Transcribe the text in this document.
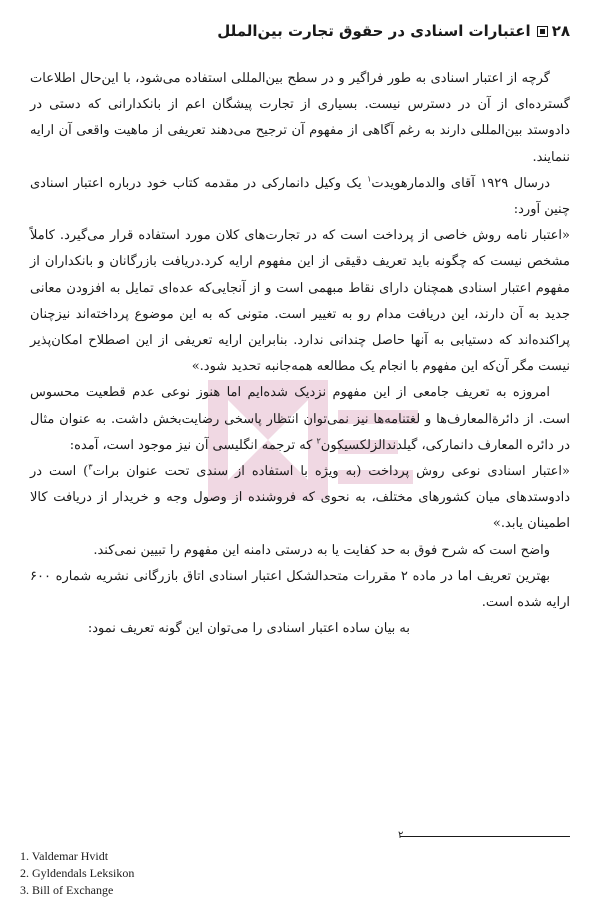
۲۸اعتبارات اسنادی در حقوق تجارت بین‌الملل

گرچه از اعتبار اسنادی به طور فراگیر و در سطح بین‌المللی استفاده می‌شود، با این‌حال اطلاعات گسترده‌ای از آن در دسترس نیست. بسیاری از تجارت پیشگان اعم از بانکدارانی که دستی در دادوستد بین‌المللی دارند به رغم آگاهی از مفهوم آن ترجیح می‌دهند تعریفی از ماهیت واقعی آن ارایه ننمایند.

درسال ۱۹۲۹ آقای والدمارهویدت$^۱$ یک وکیل دانمارکی در مقدمه کتاب خود درباره اعتبار اسنادی چنین آورد:

«اعتبار نامه روش خاصی از پرداخت است که در تجارت‌های کلان مورد استفاده قرار می‌گیرد. کاملاً مشخص نیست که چگونه باید تعریف دقیقی از این مفهوم ارایه کرد.دریافت بازرگانان و بانکداران از مفهوم اعتبار اسنادی همچنان دارای نقاط مبهمی است و از آنجایی‌که عده‌ای تمایل به افزودن معانی جدید به آن دارند، این دریافت مدام رو به تغییر است. متونی که به این موضوع پرداخته‌اند نیزچنان پراکنده‌اند که دستیابی به آنها حاصل چندانی ندارد. بنابراین ارایه تعریفی از این اصطلاح امکان‌پذیر نیست مگر آن‌که این مفهوم با انجام یک مطالعه همه‌جانبه تحدید شود.»

امروزه به تعریف جامعی از این مفهوم نزدیک شده‌ایم اما هنوز نوعی عدم قطعیت محسوس است. از دائرةالمعارف‌ها و لغتنامه‌ها نیز نمی‌توان انتظار پاسخی رضایت‌بخش داشت. به عنوان مثال در دائره المعارف دانمارکی، گیلدندالزلکسیکون$^۲$ که ترجمه انگلیسی آن نیز موجود است، آمده:

«اعتبار اسنادی نوعی روش پرداخت (به ویژه با استفاده از سندی تحت عنوان برات$^۳$) است در دادوستدهای میان کشورهای مختلف، به نحوی که فروشنده از وصول وجه و خریدار از دریافت کالا اطمینان یابد.»

واضح است که شرح فوق به حد کفایت یا به درستی دامنه این مفهوم را تبیین نمی‌کند.

بهترین تعریف اما در ماده ۲ مقررات متحدالشکل اعتبار اسنادی اتاق بازرگانی نشریه شماره ۶۰۰ ارایه شده است.

به بیان ساده اعتبار اسنادی را می‌توان این گونه تعریف نمود:

۲
1. Valdemar Hvidt
2. Gyldendals Leksikon
3. Bill of Exchange
